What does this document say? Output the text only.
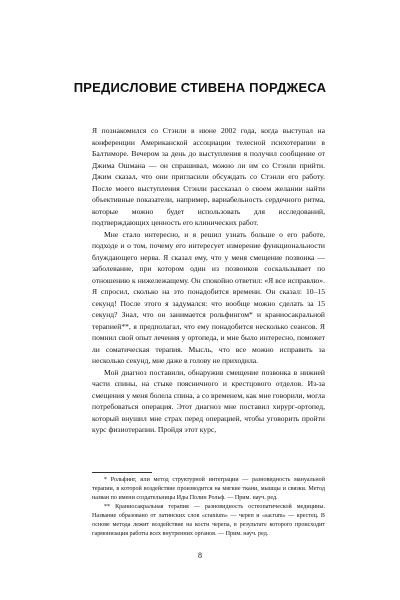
ПРЕДИСЛОВИЕ СТИВЕНА ПОРДЖЕСА

Я познакомился со Стэнли в июне 2002 года, когда выступал на конференции Американской ассоциации телесной психотерапии в Балтиморе. Вечером за день до выступления я получил сообщение от Джима Ошмана — он спрашивал, можно ли им со Стэнли прийти. Джим сказал, что они пригласили обсуждать со Стэнли его работу. После моего выступления Стэнли рассказал о своем желании найти объективные показатели, например, вариабельность сердечного ритма, которые можно будет использовать для исследований, подтверждающих ценность его клинических работ.

Мне стало интересно, и я решил узнать больше о его работе, подходе и о том, почему его интересует измерение функциональности блуждающего нерва. Я сказал ему, что у меня смещение позвонка — заболевание, при котором один из позвонков соскальзывает по отношению к нижележащему. Он спокойно ответил: «Я все исправлю». Я спросил, сколько на это понадобится времени. Он сказал: 10–15 секунд! После этого я задумался: что вообще можно сделать за 15 секунд? Знал, что он занимается рольфингом* и краниосакральной терапией**, я предполагал, что ему понадобится несколько сеансов. Я помнил свой опыт лечения у ортопеда, и мне было интересно, поможет ли соматическая терапия. Мысль, что все можно исправить за несколько секунд, мне даже в голову не приходила.

Мой диагноз поставили, обнаружив смещение позвонка в нижней части спины, на стыке поясничного и крестцового отделов. Из-за смещения у меня болела спина, а со временем, как мне говорили, могла потребоваться операция. Этот диагноз мне поставил хирург-ортопед, который внушил мне страх перед операцией, чтобы уговорить пройти курс физиотерапии. Пройдя этот курс,

* Рольфинг, или метод структурной интеграции — разновидность мануальной терапии, в которой воздействие производится на мягкие ткани, мышцы и связки. Метод назван по имени создательницы Иды Полин Рольф. — Прим. науч. ред.

** Краниосакральная терапия — разновидность остеопатической медицины. Название образовано от латинских слов «cranium» — череп и «sacrum» — крестец. В основе метода лежит воздействие на кости черепа, в результате которого происходит гармонизация работы всех внутренних органов. — Прим. науч. ред.

8
